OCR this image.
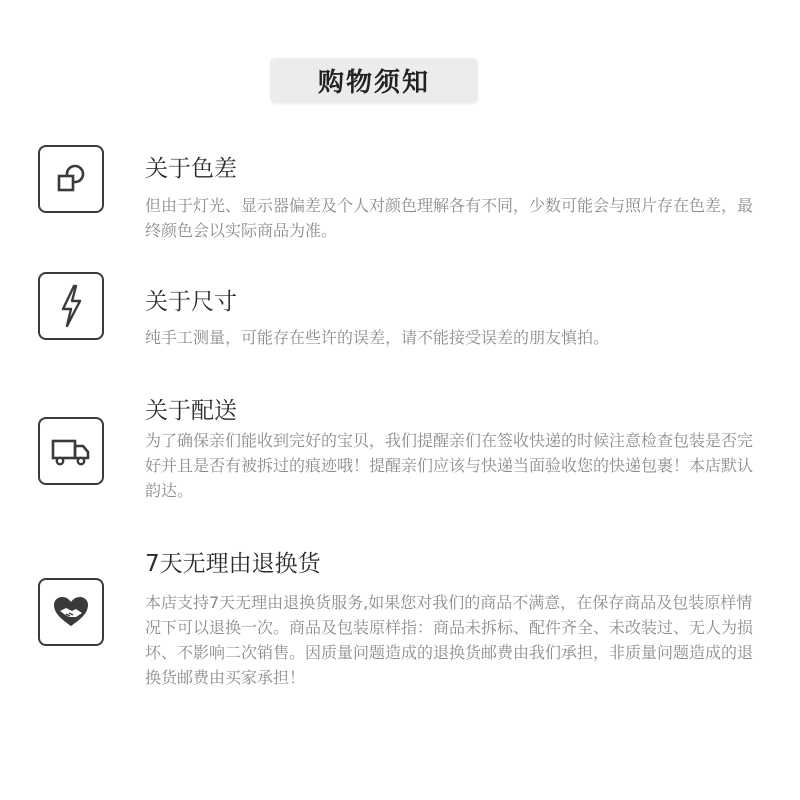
购物须知
关于色差
但由于灯光、显示器偏差及个人对颜色理解各有不同，少数可能会与照片存在色差，最终颜色会以实际商品为准。
关于尺寸
纯手工测量，可能存在些许的误差，请不能接受误差的朋友慎拍。
关于配送
为了确保亲们能收到完好的宝贝，我们提醒亲们在签收快递的时候注意检查包装是否完好并且是否有被拆过的痕迹哦！提醒亲们应该与快递当面验收您的快递包裹！本店默认韵达。
7天无理由退换货
本店支持7天无理由退换货服务,如果您对我们的商品不满意，在保存商品及包装原样情况下可以退换一次。商品及包装原样指：商品未拆标、配件齐全、未改装过、无人为损坏、不影响二次销售。因质量问题造成的退换货邮费由我们承担，非质量问题造成的退换货邮费由买家承担！
